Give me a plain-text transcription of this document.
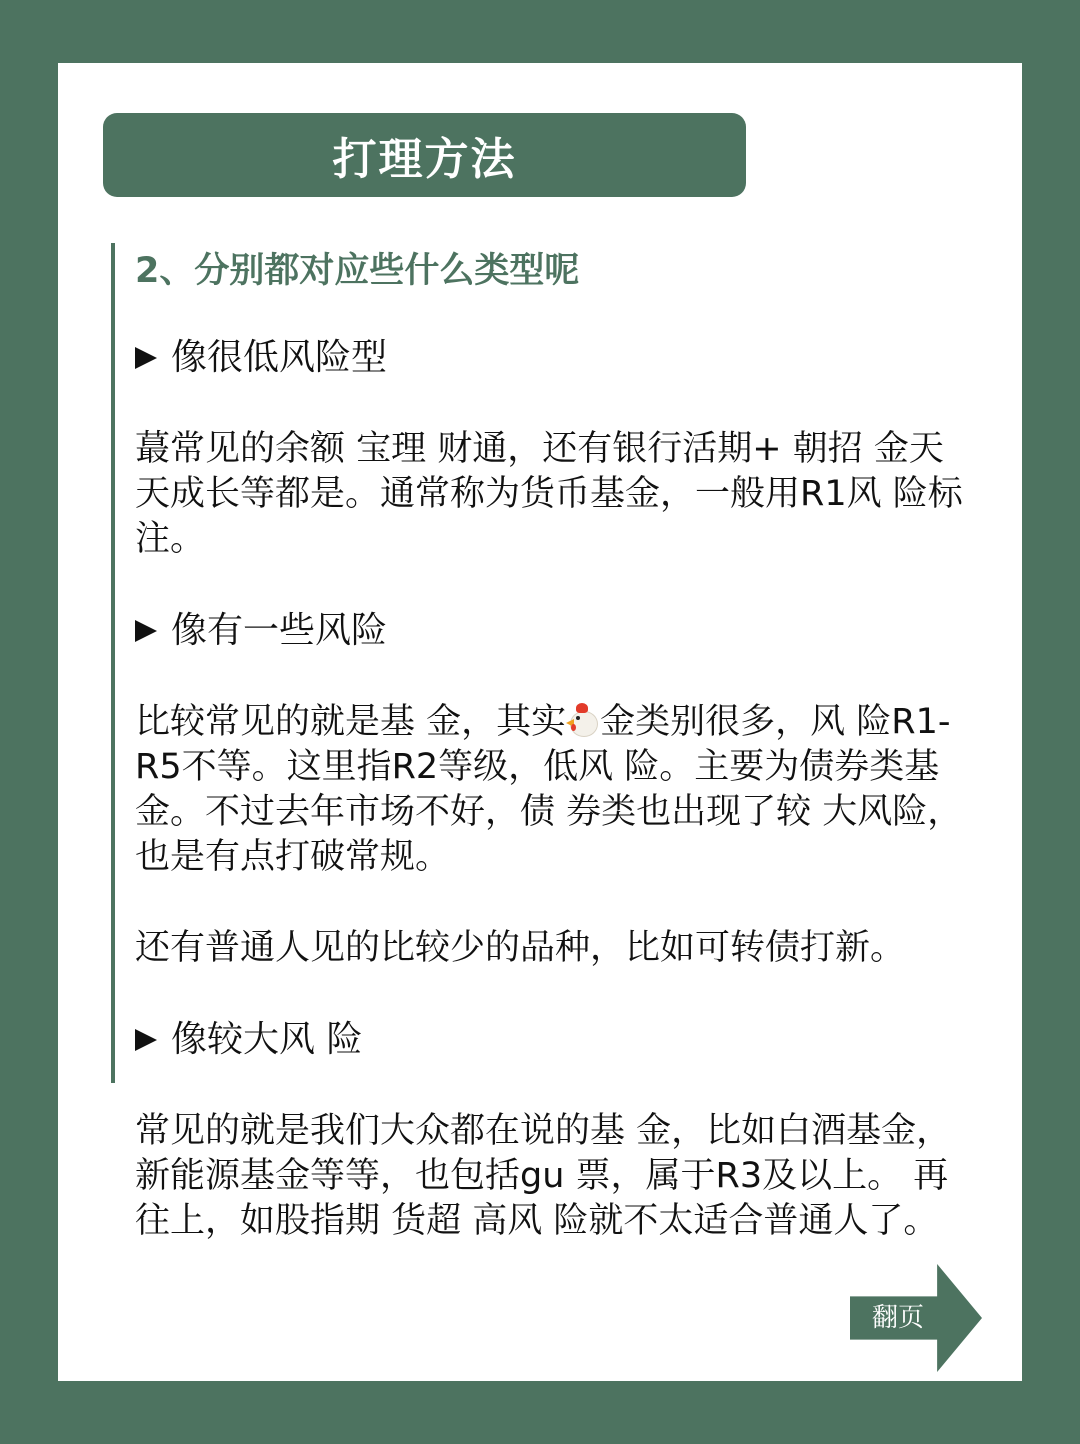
打理方法
2、分别都对应些什么类型呢
像很低风险型

蕞常见的余额 宝理 财通，还有银行活期+ 朝招 金天天成长等都是。通常称为货币基金，一般用R1风 险标注。

像有一些风险

比较常见的就是基 金，其实 金类别很多，风 险R1-R5不等。这里指R2等级，低风 险。主要为债券类基 金。不过去年市场不好，债 券类也出现了较 大风险，也是有点打破常规。

还有普通人见的比较少的品种，比如可转债打新。

像较大风 险

常见的就是我们大众都在说的基 金，比如白酒基金，新能源基金等等，也包括gu 票，属于R3及以上。 再往上，如股指期 货超 高风 险就不太适合普通人了。

翻页
